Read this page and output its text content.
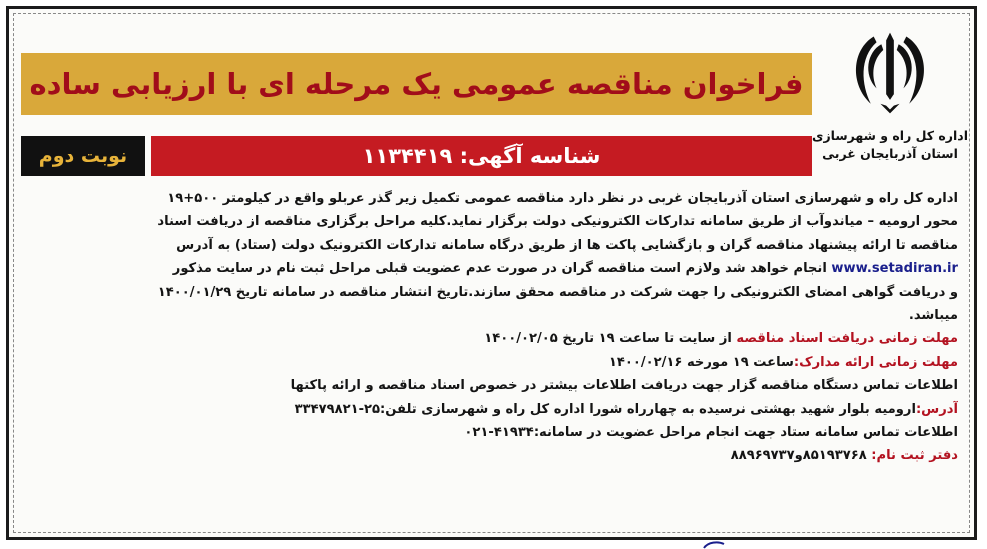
اداره کل راه و شهرسازی
استان آذربایجان غربی
فراخوان مناقصه عمومی یک مرحله ای با ارزیابی ساده
شناسه آگهی: ۱۱۳۴۴۱۹
نوبت دوم
اداره کل راه و شهرسازی استان آذربایجان غربی در نظر دارد مناقصه عمومی تکمیل زیر گذر عربلو واقع در کیلومتر ۵۰۰+۱۹
محور ارومیه – میاندوآب از طریق سامانه تدارکات الکترونیکی دولت برگزار نماید.کلیه مراحل برگزاری مناقصه از دریافت اسناد
مناقصه تا ارائه پیشنهاد مناقصه گران و بازگشایی پاکت ها از طریق درگاه سامانه تدارکات الکترونیک دولت (ستاد) به آدرس
www.setadiran.ir انجام خواهد شد ولازم است مناقصه گران در صورت عدم عضویت قبلی مراحل ثبت نام در سایت مذکور
و دریافت گواهی امضای الکترونیکی را جهت شرکت در مناقصه محقق سازند.تاریخ انتشار مناقصه در سامانه تاریخ ۱۴۰۰/۰۱/۲۹
میباشد.
مهلت زمانی دریافت اسناد مناقصه از سایت تا ساعت ۱۹ تاریخ ۱۴۰۰/۰۲/۰۵
مهلت زمانی ارائه مدارک:ساعت ۱۹ مورخه ۱۴۰۰/۰۲/۱۶
اطلاعات تماس دستگاه مناقصه گزار جهت دریافت اطلاعات بیشتر در خصوص اسناد مناقصه و ارائه پاکتها
آدرس:ارومیه بلوار شهید بهشتی نرسیده به چهارراه شورا اداره کل راه و شهرسازی تلفن:۲۵-۳۳۴۷۹۸۲۱
اطلاعات تماس سامانه ستاد جهت انجام مراحل عضویت در سامانه:۴۱۹۳۴-۰۲۱
دفتر ثبت نام: ۸۵۱۹۳۷۶۸و۸۸۹۶۹۷۳۷
